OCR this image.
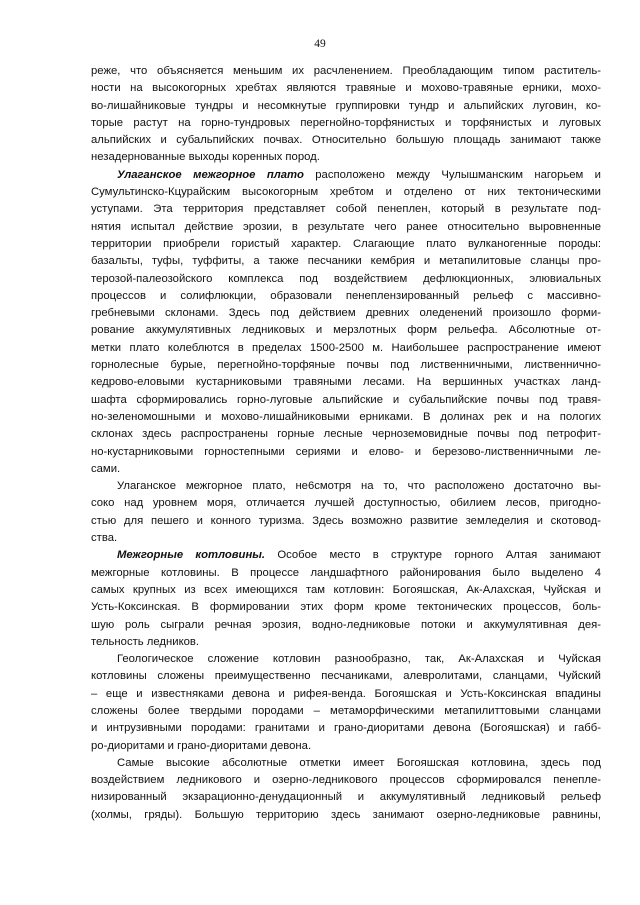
49
реже, что объясняется меньшим их расчленением. Преобладающим типом раститель-
ности на высокогорных хребтах являются травяные и мохово-травяные ерники, мохо-
во-лишайниковые тундры и несомкнутые группировки тундр и альпийских луговин, ко-
торые растут на горно-тундровых перегнойно-торфянистых и торфянистых и луговых
альпийских и субальпийских почвах. Относительно большую площадь занимают также
незадернованные выходы коренных пород.
Улаганское межгорное плато расположено между Чулышманским нагорьем и
Сумультинско-Кцурайским высокогорным хребтом и отделено от них тектоническими
уступами. Эта территория представляет собой пенеплен, который в результате под-
нятия испытал действие эрозии, в результате чего ранее относительно выровненные
территории приобрели гористый характер. Слагающие плато вулканогенные породы:
базальты, туфы, туффиты, а также песчаники кембрия и метапилитовые сланцы про-
терозой-палеозойского комплекса под воздействием дефлюкционных, элювиальных
процессов и солифлюкции, образовали пенеплензированный рельеф с массивно-
гребневыми склонами. Здесь под действием древних оледенений произошло форми-
рование аккумулятивных ледниковых и мерзлотных форм рельефа. Абсолютные от-
метки плато колеблются в пределах 1500-2500 м. Наибольшее распространение имеют
горнолесные бурые, перегнойно-торфяные почвы под лиственничными, лиственнично-
кедрово-еловыми кустарниковыми травяными лесами. На вершинных участках ланд-
шафта сформировались горно-луговые альпийские и субальпийские почвы под травя-
но-зеленомошными и мохово-лишайниковыми ерниками. В долинах рек и на пологих
склонах здесь распространены горные лесные черноземовидные почвы под петрофит-
но-кустарниковыми горностепными сериями и елово- и березово-лиственничными ле-
сами.
Улаганское межгорное плато, не6смотря на то, что расположено достаточно вы-
соко над уровнем моря, отличается лучшей доступностью, обилием лесов, пригодно-
стью для пешего и конного туризма. Здесь возможно развитие земледелия и скотовод-
ства.
Межгорные котловины. Особое место в структуре горного Алтая занимают
межгорные котловины. В процессе ландшафтного районирования было выделено 4
самых крупных из всех имеющихся там котловин: Богояшская, Ак-Алахская, Чуйская и
Усть-Коксинская. В формировании этих форм кроме тектонических процессов, боль-
шую роль сыграли речная эрозия, водно-ледниковые потоки и аккумулятивная дея-
тельность ледников.
Геологическое сложение котловин разнообразно, так, Ак-Алахская и Чуйская
котловины сложены преимущественно песчаниками, алевролитами, сланцами, Чуйский
– еще и известняками девона и рифея-венда. Богояшская и Усть-Коксинская впадины
сложены более твердыми породами – метаморфическими метапилиттовыми сланцами
и интрузивными породами: гранитами и грано-диоритами девона (Богояшская) и габб-
ро-диоритами и грано-диоритами девона.
Самые высокие абсолютные отметки имеет Богояшская котловина, здесь под
воздействием ледникового и озерно-ледникового процессов сформировался пенепле-
низированный экзарационно-денудационный и аккумулятивный ледниковый рельеф
(холмы, гряды). Большую территорию здесь занимают озерно-ледниковые равнины,
